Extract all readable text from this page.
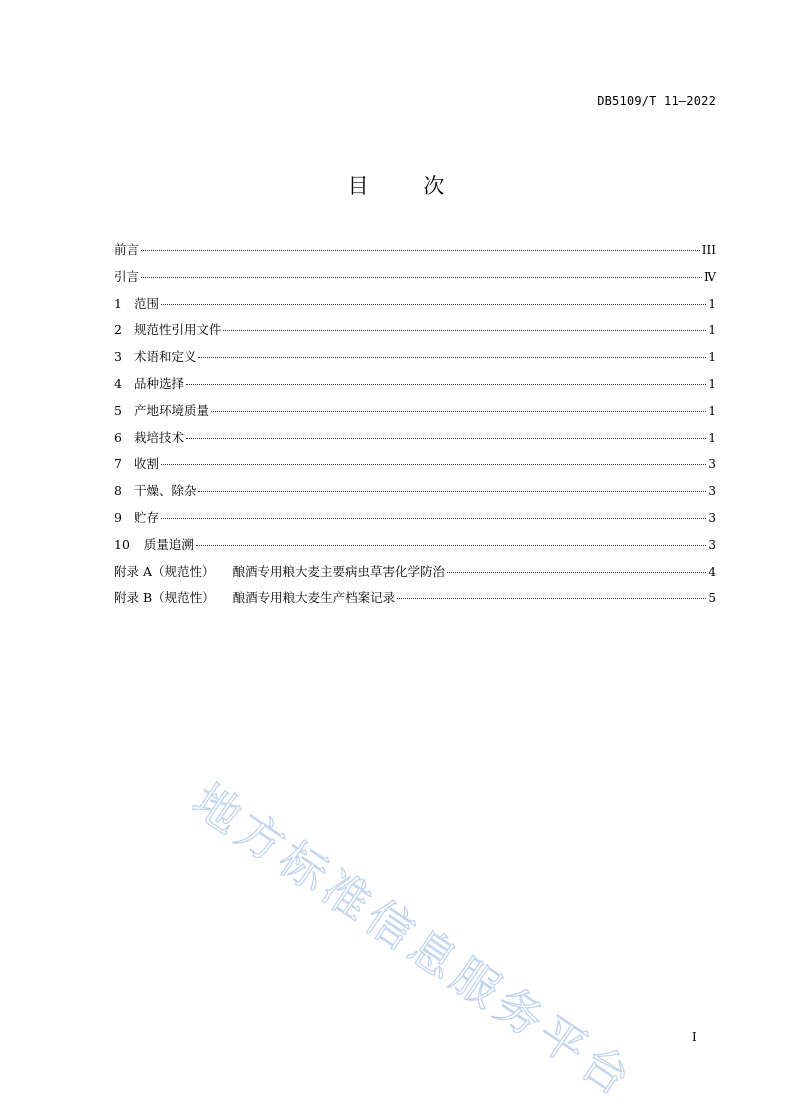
DB5109/T 11—2022
目	次
前言	III
引言	Ⅳ
1 范围	1
2 规范性引用文件	1
3 术语和定义	1
4 品种选择	1
5 产地环境质量	1
6 栽培技术	1
7 收割	3
8 干燥、除杂	3
9 贮存	3
10	质量追溯	3
附录 A（规范性）	酿酒专用粮大麦主要病虫草害化学防治	4
附录 B（规范性）	酿酒专用粮大麦生产档案记录	5
地方标准信息服务平台	I
